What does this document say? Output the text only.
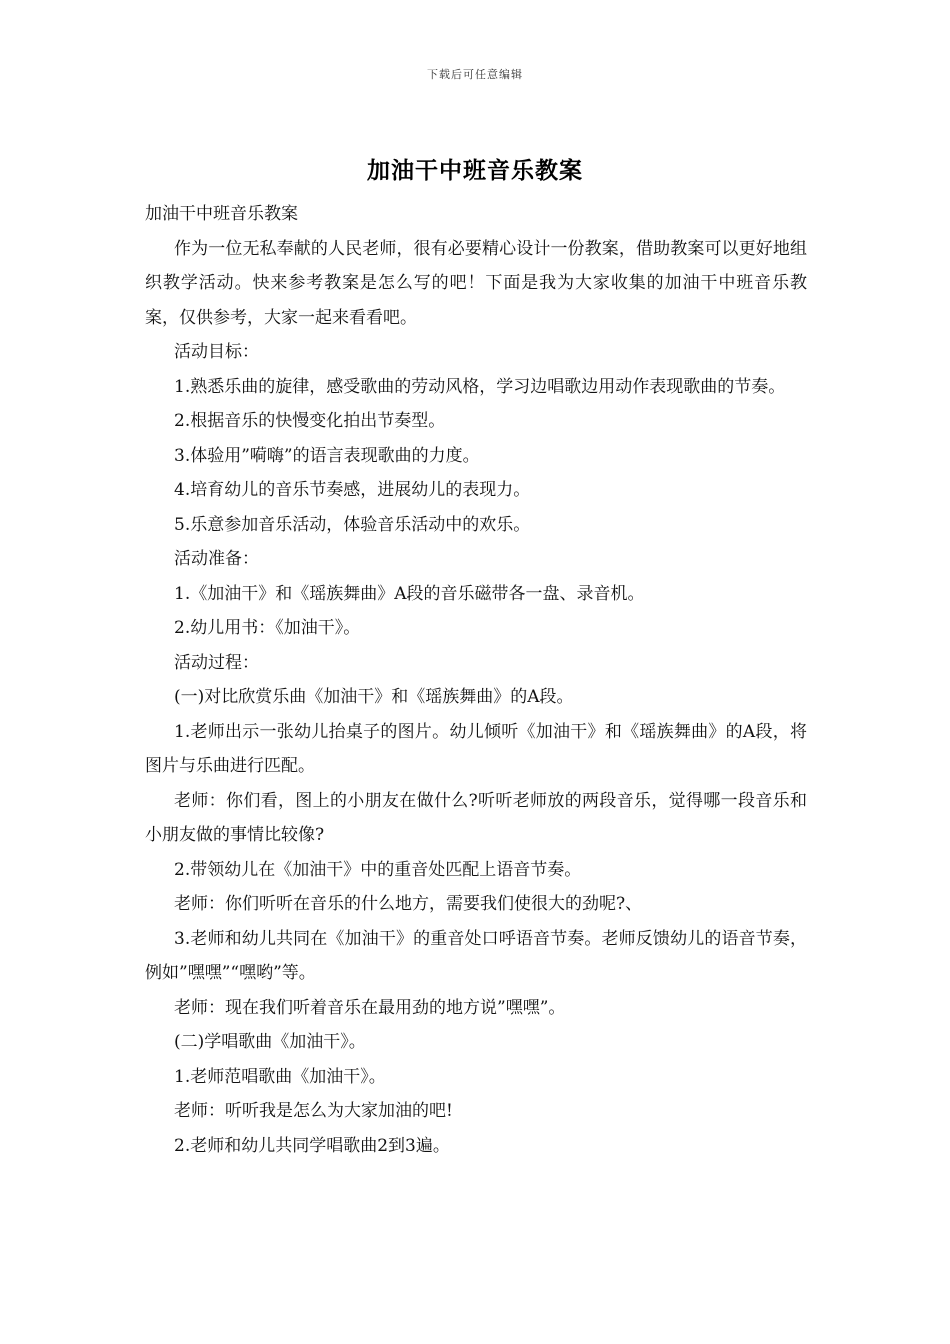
下载后可任意编辑
加油干中班音乐教案

加油干中班音乐教案

作为一位无私奉献的人民老师，很有必要精心设计一份教案，借助教案可以更好地组织教学活动。快来参考教案是怎么写的吧！下面是我为大家收集的加油干中班音乐教案，仅供参考，大家一起来看看吧。

活动目标：

1.熟悉乐曲的旋律，感受歌曲的劳动风格，学习边唱歌边用动作表现歌曲的节奏。

2.根据音乐的快慢变化拍出节奏型。

3.体验用”嗬嗨”的语言表现歌曲的力度。

4.培育幼儿的音乐节奏感，进展幼儿的表现力。

5.乐意参加音乐活动，体验音乐活动中的欢乐。

活动准备：

1.《加油干》和《瑶族舞曲》A段的音乐磁带各一盘、录音机。

2.幼儿用书：《加油干》。

活动过程：

(一)对比欣赏乐曲《加油干》和《瑶族舞曲》的A段。

1.老师出示一张幼儿抬桌子的图片。幼儿倾听《加油干》和《瑶族舞曲》的A段，将图片与乐曲进行匹配。

老师：你们看，图上的小朋友在做什么?听听老师放的两段音乐，觉得哪一段音乐和小朋友做的事情比较像?

2.带领幼儿在《加油干》中的重音处匹配上语音节奏。

老师：你们听听在音乐的什么地方，需要我们使很大的劲呢?、

3.老师和幼儿共同在《加油干》的重音处口呼语音节奏。老师反馈幼儿的语音节奏，例如”嘿嘿”“嘿哟”等。

老师：现在我们听着音乐在最用劲的地方说”嘿嘿”。

(二)学唱歌曲《加油干》。

1.老师范唱歌曲《加油干》。

老师：听听我是怎么为大家加油的吧!

2.老师和幼儿共同学唱歌曲2到3遍。
